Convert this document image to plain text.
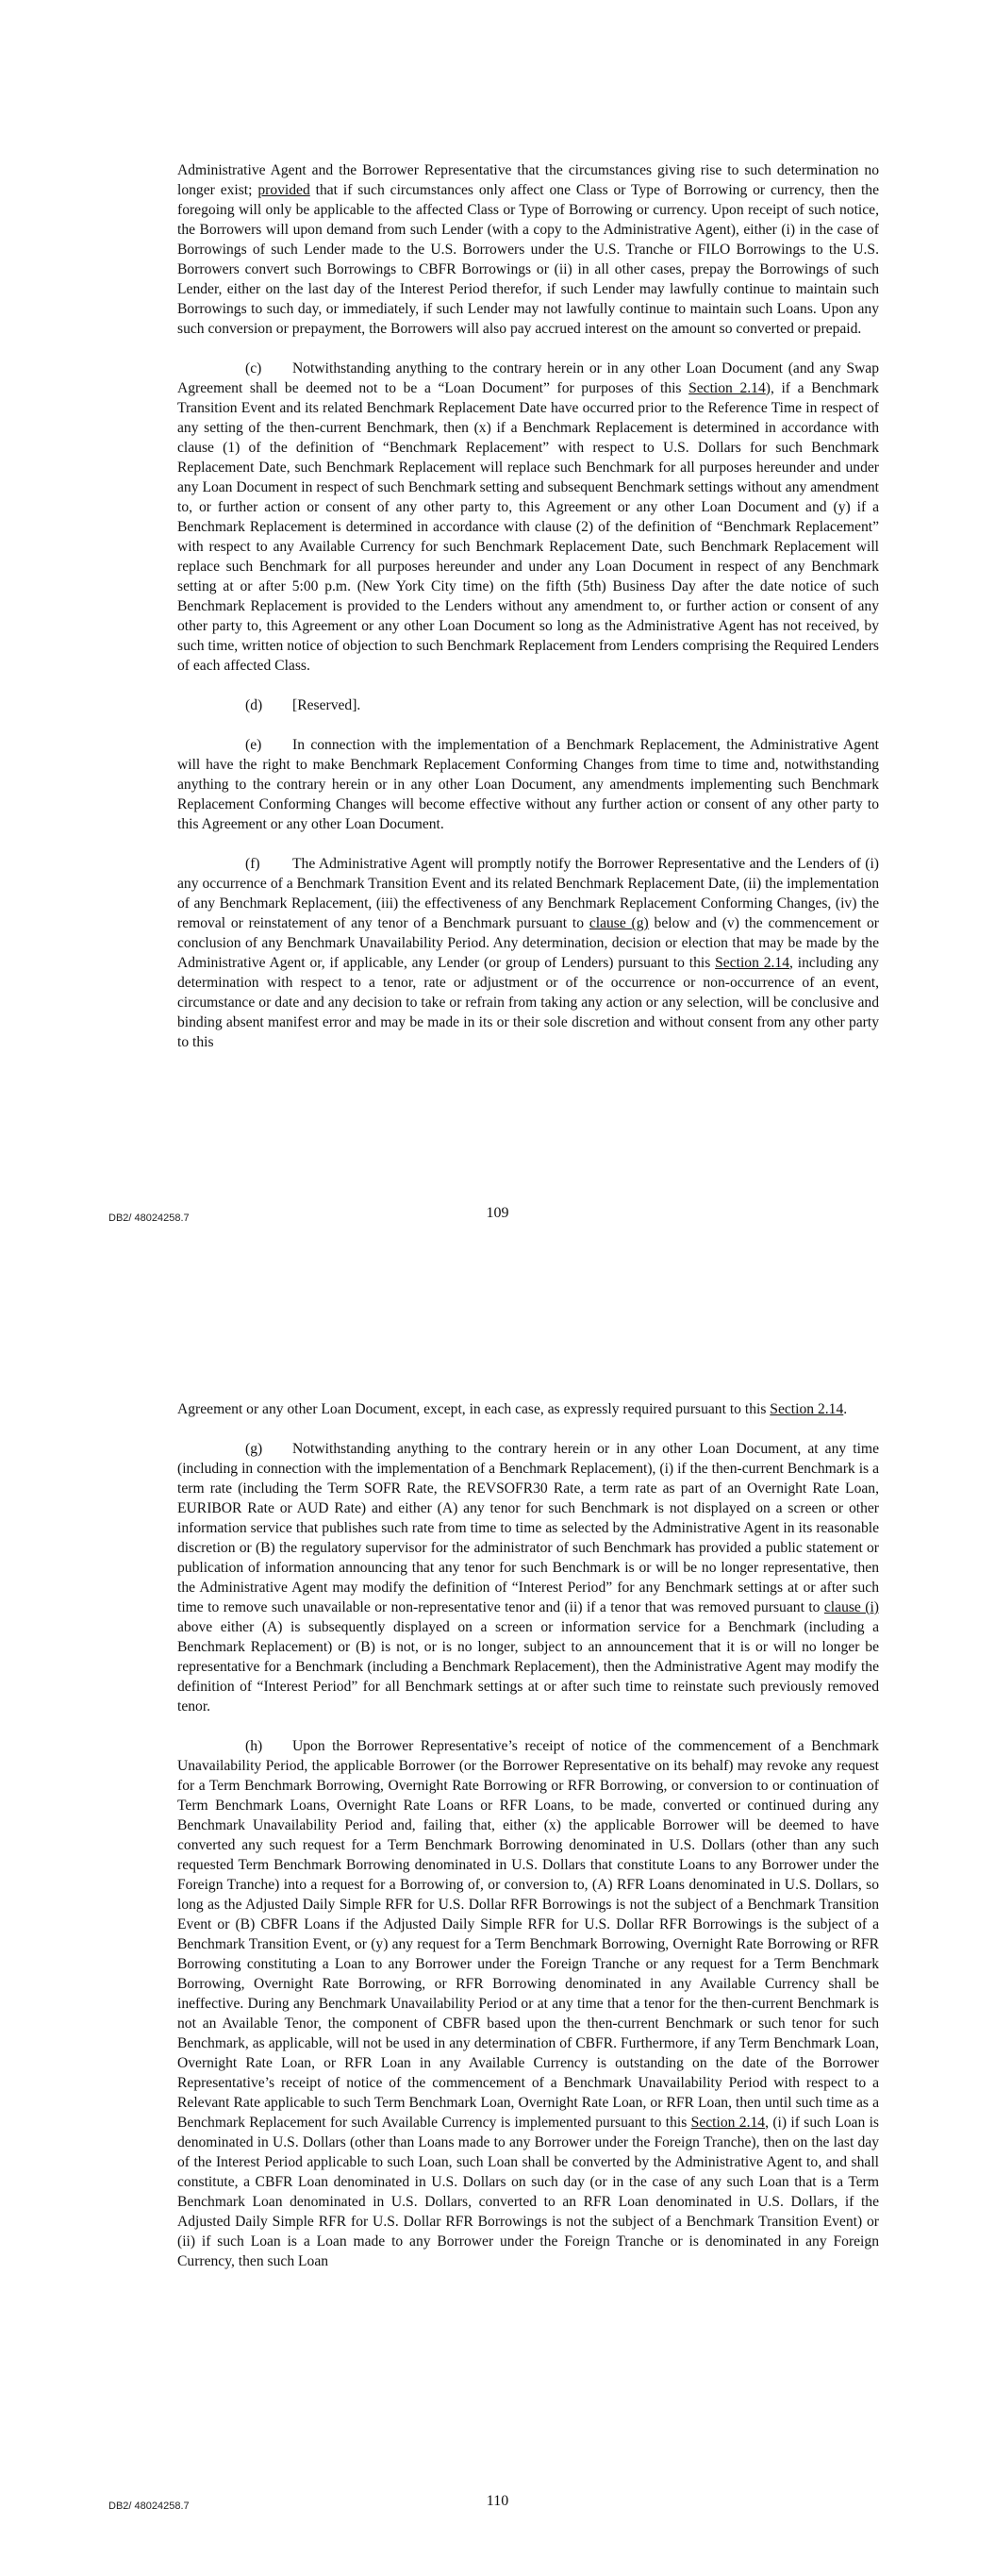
Administrative Agent and the Borrower Representative that the circumstances giving rise to such determination no longer exist; provided that if such circumstances only affect one Class or Type of Borrowing or currency, then the foregoing will only be applicable to the affected Class or Type of Borrowing or currency. Upon receipt of such notice, the Borrowers will upon demand from such Lender (with a copy to the Administrative Agent), either (i) in the case of Borrowings of such Lender made to the U.S. Borrowers under the U.S. Tranche or FILO Borrowings to the U.S. Borrowers convert such Borrowings to CBFR Borrowings or (ii) in all other cases, prepay the Borrowings of such Lender, either on the last day of the Interest Period therefor, if such Lender may lawfully continue to maintain such Borrowings to such day, or immediately, if such Lender may not lawfully continue to maintain such Loans. Upon any such conversion or prepayment, the Borrowers will also pay accrued interest on the amount so converted or prepaid.

(c) Notwithstanding anything to the contrary herein or in any other Loan Document (and any Swap Agreement shall be deemed not to be a “Loan Document” for purposes of this Section 2.14), if a Benchmark Transition Event and its related Benchmark Replacement Date have occurred prior to the Reference Time in respect of any setting of the then-current Benchmark, then (x) if a Benchmark Replacement is determined in accordance with clause (1) of the definition of “Benchmark Replacement” with respect to U.S. Dollars for such Benchmark Replacement Date, such Benchmark Replacement will replace such Benchmark for all purposes hereunder and under any Loan Document in respect of such Benchmark setting and subsequent Benchmark settings without any amendment to, or further action or consent of any other party to, this Agreement or any other Loan Document and (y) if a Benchmark Replacement is determined in accordance with clause (2) of the definition of “Benchmark Replacement” with respect to any Available Currency for such Benchmark Replacement Date, such Benchmark Replacement will replace such Benchmark for all purposes hereunder and under any Loan Document in respect of any Benchmark setting at or after 5:00 p.m. (New York City time) on the fifth (5th) Business Day after the date notice of such Benchmark Replacement is provided to the Lenders without any amendment to, or further action or consent of any other party to, this Agreement or any other Loan Document so long as the Administrative Agent has not received, by such time, written notice of objection to such Benchmark Replacement from Lenders comprising the Required Lenders of each affected Class.

(d) [Reserved].

(e) In connection with the implementation of a Benchmark Replacement, the Administrative Agent will have the right to make Benchmark Replacement Conforming Changes from time to time and, notwithstanding anything to the contrary herein or in any other Loan Document, any amendments implementing such Benchmark Replacement Conforming Changes will become effective without any further action or consent of any other party to this Agreement or any other Loan Document.

(f) The Administrative Agent will promptly notify the Borrower Representative and the Lenders of (i) any occurrence of a Benchmark Transition Event and its related Benchmark Replacement Date, (ii) the implementation of any Benchmark Replacement, (iii) the effectiveness of any Benchmark Replacement Conforming Changes, (iv) the removal or reinstatement of any tenor of a Benchmark pursuant to clause (g) below and (v) the commencement or conclusion of any Benchmark Unavailability Period. Any determination, decision or election that may be made by the Administrative Agent or, if applicable, any Lender (or group of Lenders) pursuant to this Section 2.14, including any determination with respect to a tenor, rate or adjustment or of the occurrence or non-occurrence of an event, circumstance or date and any decision to take or refrain from taking any action or any selection, will be conclusive and binding absent manifest error and may be made in its or their sole discretion and without consent from any other party to this

DB2/ 48024258.7	109

Agreement or any other Loan Document, except, in each case, as expressly required pursuant to this Section 2.14.

(g) Notwithstanding anything to the contrary herein or in any other Loan Document, at any time (including in connection with the implementation of a Benchmark Replacement), (i) if the then-current Benchmark is a term rate (including the Term SOFR Rate, the REVSOFR30 Rate, a term rate as part of an Overnight Rate Loan, EURIBOR Rate or AUD Rate) and either (A) any tenor for such Benchmark is not displayed on a screen or other information service that publishes such rate from time to time as selected by the Administrative Agent in its reasonable discretion or (B) the regulatory supervisor for the administrator of such Benchmark has provided a public statement or publication of information announcing that any tenor for such Benchmark is or will be no longer representative, then the Administrative Agent may modify the definition of “Interest Period” for any Benchmark settings at or after such time to remove such unavailable or non-representative tenor and (ii) if a tenor that was removed pursuant to clause (i) above either (A) is subsequently displayed on a screen or information service for a Benchmark (including a Benchmark Replacement) or (B) is not, or is no longer, subject to an announcement that it is or will no longer be representative for a Benchmark (including a Benchmark Replacement), then the Administrative Agent may modify the definition of “Interest Period” for all Benchmark settings at or after such time to reinstate such previously removed tenor.

(h) Upon the Borrower Representative’s receipt of notice of the commencement of a Benchmark Unavailability Period, the applicable Borrower (or the Borrower Representative on its behalf) may revoke any request for a Term Benchmark Borrowing, Overnight Rate Borrowing or RFR Borrowing, or conversion to or continuation of Term Benchmark Loans, Overnight Rate Loans or RFR Loans, to be made, converted or continued during any Benchmark Unavailability Period and, failing that, either (x) the applicable Borrower will be deemed to have converted any such request for a Term Benchmark Borrowing denominated in U.S. Dollars (other than any such requested Term Benchmark Borrowing denominated in U.S. Dollars that constitute Loans to any Borrower under the Foreign Tranche) into a request for a Borrowing of, or conversion to, (A) RFR Loans denominated in U.S. Dollars, so long as the Adjusted Daily Simple RFR for U.S. Dollar RFR Borrowings is not the subject of a Benchmark Transition Event or (B) CBFR Loans if the Adjusted Daily Simple RFR for U.S. Dollar RFR Borrowings is the subject of a Benchmark Transition Event, or (y) any request for a Term Benchmark Borrowing, Overnight Rate Borrowing or RFR Borrowing constituting a Loan to any Borrower under the Foreign Tranche or any request for a Term Benchmark Borrowing, Overnight Rate Borrowing, or RFR Borrowing denominated in any Available Currency shall be ineffective. During any Benchmark Unavailability Period or at any time that a tenor for the then-current Benchmark is not an Available Tenor, the component of CBFR based upon the then-current Benchmark or such tenor for such Benchmark, as applicable, will not be used in any determination of CBFR. Furthermore, if any Term Benchmark Loan, Overnight Rate Loan, or RFR Loan in any Available Currency is outstanding on the date of the Borrower Representative’s receipt of notice of the commencement of a Benchmark Unavailability Period with respect to a Relevant Rate applicable to such Term Benchmark Loan, Overnight Rate Loan, or RFR Loan, then until such time as a Benchmark Replacement for such Available Currency is implemented pursuant to this Section 2.14, (i) if such Loan is denominated in U.S. Dollars (other than Loans made to any Borrower under the Foreign Tranche), then on the last day of the Interest Period applicable to such Loan, such Loan shall be converted by the Administrative Agent to, and shall constitute, a CBFR Loan denominated in U.S. Dollars on such day (or in the case of any such Loan that is a Term Benchmark Loan denominated in U.S. Dollars, converted to an RFR Loan denominated in U.S. Dollars, if the Adjusted Daily Simple RFR for U.S. Dollar RFR Borrowings is not the subject of a Benchmark Transition Event) or (ii) if such Loan is a Loan made to any Borrower under the Foreign Tranche or is denominated in any Foreign Currency, then such Loan

DB2/ 48024258.7	110
